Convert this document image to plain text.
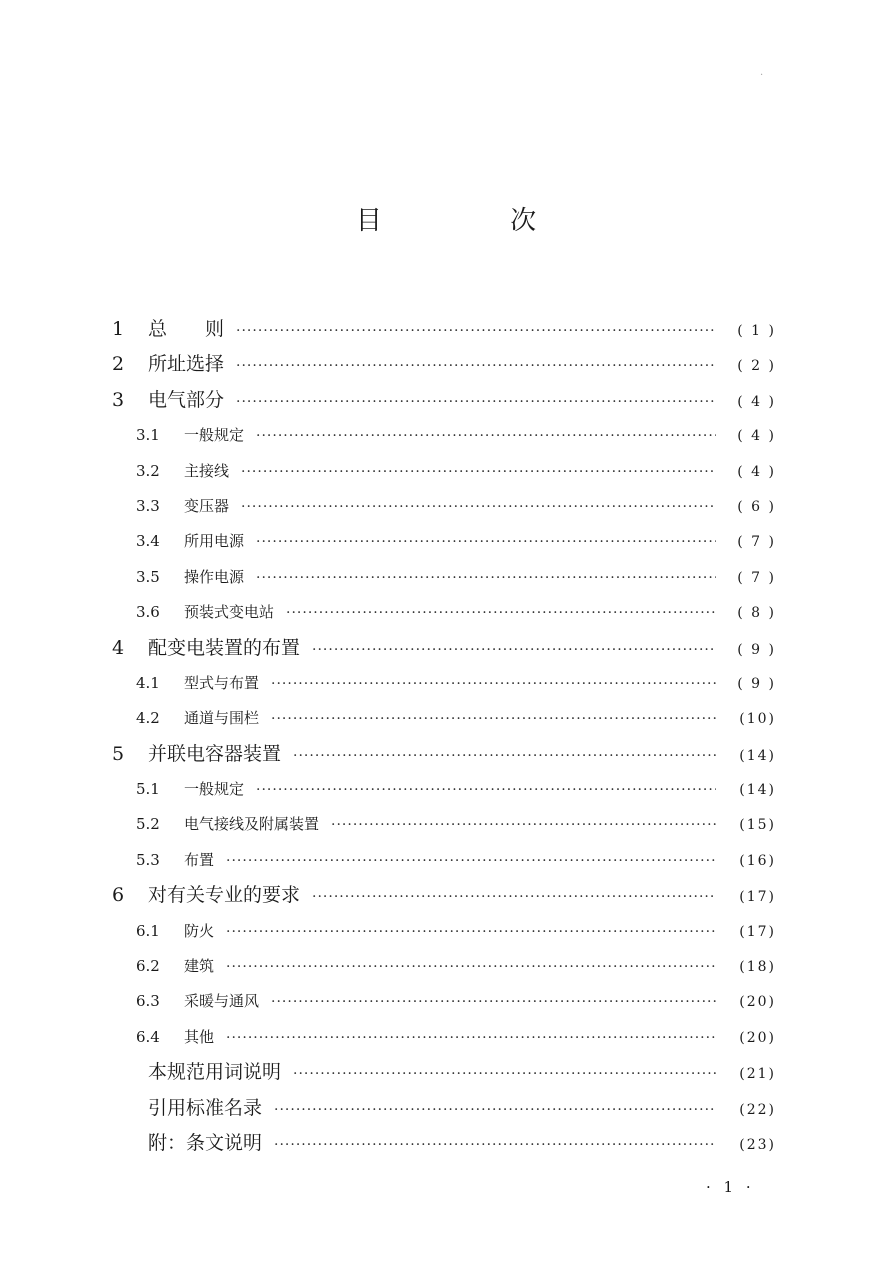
·
目 次
1	总　　则 ·····	( 1 )
2	所址选择 ·····	( 2 )
3	电气部分 ·····	( 4 )
3.1	一般规定 ·····	( 4 )
3.2	主接线 ·····	( 4 )
3.3	变压器 ·····	( 6 )
3.4	所用电源 ·····	( 7 )
3.5	操作电源 ·····	( 7 )
3.6	预装式变电站 ·····	( 8 )
4	配变电装置的布置 ·····	( 9 )
4.1	型式与布置 ·····	( 9 )
4.2	通道与围栏 ·····	(10)
5	并联电容器装置 ·····	(14)
5.1	一般规定 ·····	(14)
5.2	电气接线及附属装置 ·····	(15)
5.3	布置 ·····	(16)
6	对有关专业的要求 ·····	(17)
6.1	防火 ·····	(17)
6.2	建筑 ·····	(18)
6.3	采暖与通风 ·····	(20)
6.4	其他 ·····	(20)
本规范用词说明 ·····	(21)
引用标准名录 ·····	(22)
附：条文说明 ·····	(23)
· 1 ·
